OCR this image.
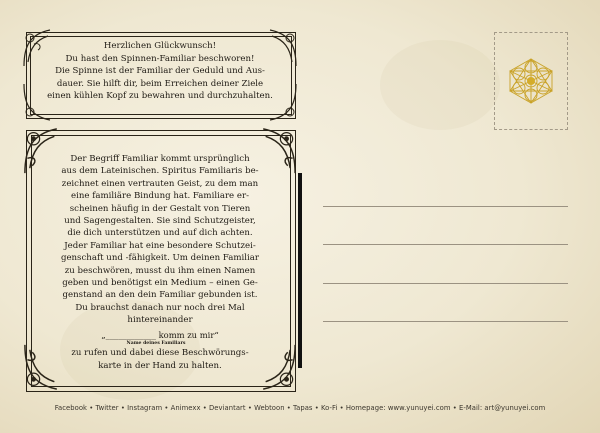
Herzlichen Glückwunsch!
Du hast den Spinnen-Familiar beschworen!
Die Spinne ist der Familiar der Geduld und Aus-
dauer. Sie hilft dir, beim Erreichen deiner Ziele
einen kühlen Kopf zu bewahren und durchzuhalten.
Der Begriff Familiar kommt ursprünglich
aus dem Lateinischen. Spiritus Familiaris be-
zeichnet einen vertrauten Geist, zu dem man
eine familiäre Bindung hat. Familiare er-
scheinen häufig in der Gestalt von Tieren
und Sagengestalten. Sie sind Schutzgeister,
die dich unterstützen und auf dich achten.
Jeder Familiar hat eine besondere Schutzei-
genschaft und -fähigkeit. Um deinen Familiar
zu beschwören, musst du ihm einen Namen
geben und benötigst ein Medium – einen Ge-
genstand an den dein Familiar gebunden ist.
Du brauchst danach nur noch drei Mal
hintereinander
„____________ komm zu mir“
Name deines Familiars
zu rufen und dabei diese Beschwörungs-
karte in der Hand zu halten.
Facebook • Twitter • Instagram • Animexx • Deviantart • Webtoon • Tapas • Ko-Fi • Homepage: www.yunuyei.com • E-Mail: art@yunuyei.com
